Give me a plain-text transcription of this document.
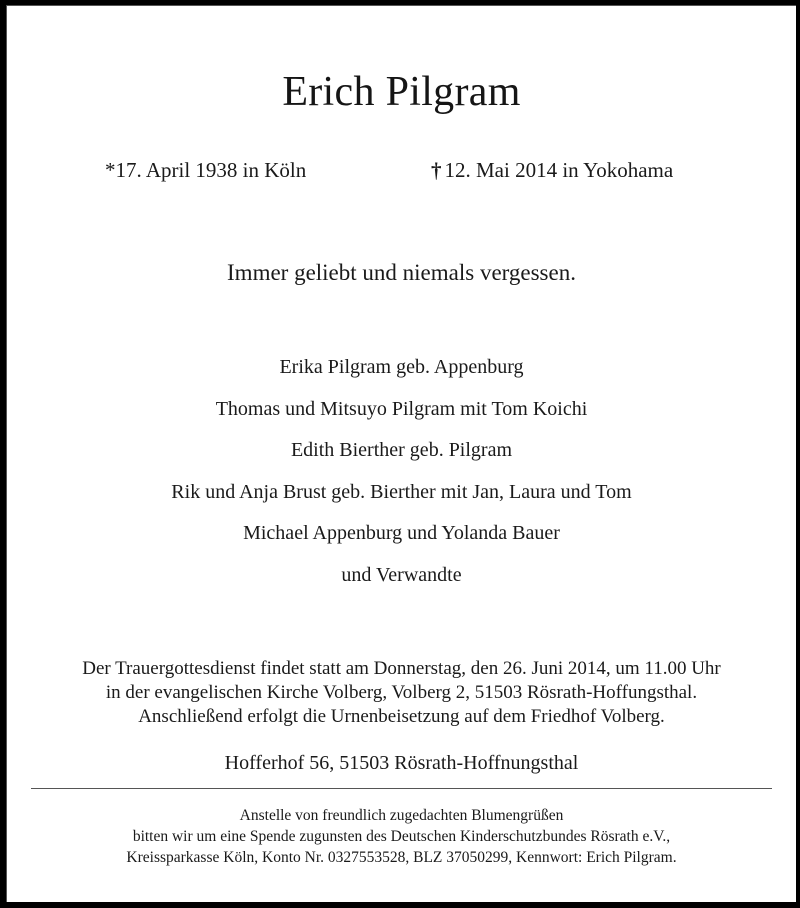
Erich Pilgram
*17. April 1938 in Köln	† 12. Mai 2014 in Yokohama
Immer geliebt und niemals vergessen.
Erika Pilgram geb. Appenburg
Thomas und Mitsuyo Pilgram mit Tom Koichi
Edith Bierther geb. Pilgram
Rik und Anja Brust geb. Bierther mit Jan, Laura und Tom
Michael Appenburg und Yolanda Bauer
und Verwandte
Der Trauergottesdienst findet statt am Donnerstag, den 26. Juni 2014, um 11.00 Uhr
in der evangelischen Kirche Volberg, Volberg 2, 51503 Rösrath-Hoffungsthal.
Anschließend erfolgt die Urnenbeisetzung auf dem Friedhof Volberg.
Hofferhof 56, 51503 Rösrath-Hoffnungsthal
Anstelle von freundlich zugedachten Blumengrüßen
bitten wir um eine Spende zugunsten des Deutschen Kinderschutzbundes Rösrath e.V.,
Kreissparkasse Köln, Konto Nr. 0327553528, BLZ 37050299, Kennwort: Erich Pilgram.
